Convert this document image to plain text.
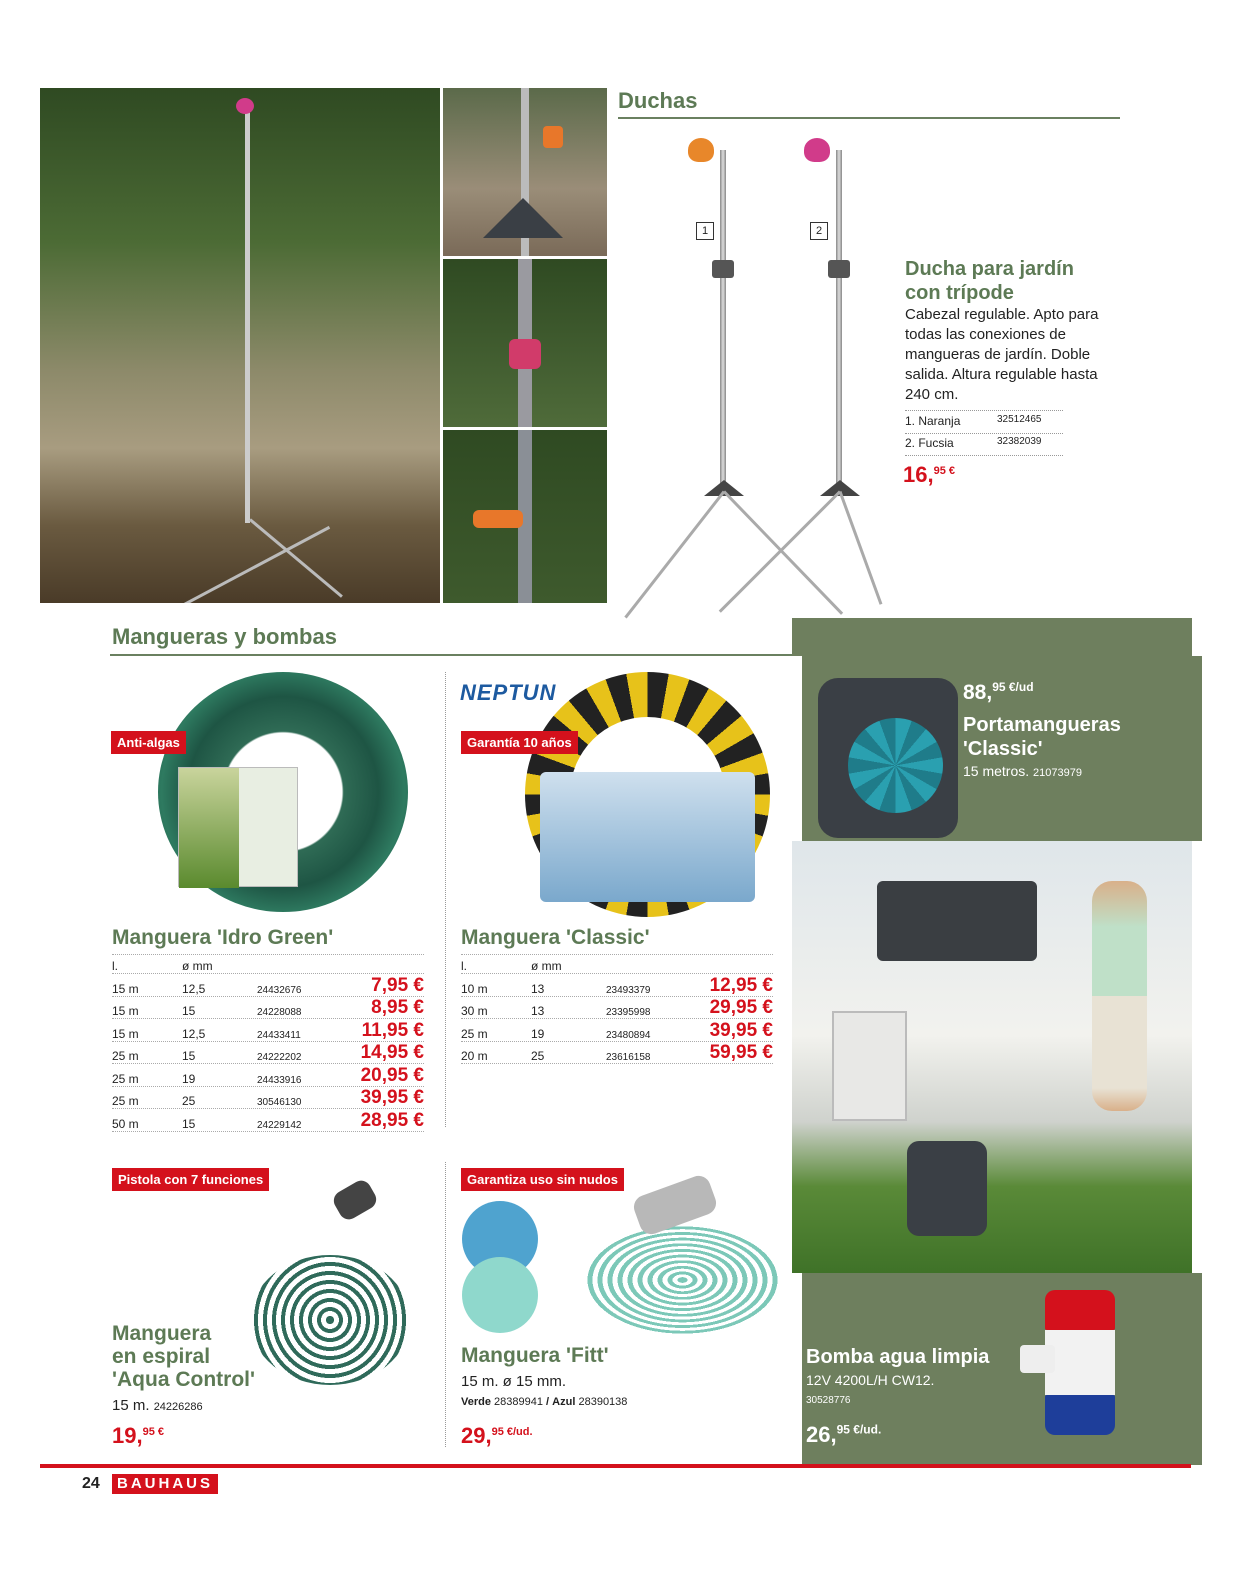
Duchas
1	2
Ducha para jardín con trípode
Cabezal regulable. Apto para todas las conexiones de mangueras de jardín. Doble salida. Altura regulable hasta 240 cm.
1. Naranja	32512465
2. Fucsia	32382039
16,$^{95 €}$
Mangueras y bombas
Anti-algas
Manguera 'Idro Green'
l.	ø mm
15 m	12,5	24432676	7,95 €
15 m	15	24228088	8,95 €
15 m	12,5	24433411	11,95 €
25 m	15	24222202	14,95 €
25 m	19	24433916	20,95 €
25 m	25	30546130	39,95 €
50 m	15	24229142	28,95 €
NEPTUN
Garantía 10 años
Manguera 'Classic'
l.	ø mm
10 m	13	23493379	12,95 €
30 m	13	23395998	29,95 €
25 m	19	23480894	39,95 €
20 m	25	23616158	59,95 €
Pistola con 7 funciones
Manguera
en espiral
'Aqua Control'
15 m. 24226286
19,$^{95 €}$
Garantiza uso sin nudos
Manguera 'Fitt'
15 m. ø 15 mm.
Verde 28389941 / Azul 28390138
29,$^{95 €/ud.}$
88,$^{95 €/ud}$
Portamangueras
'Classic'
15 metros. 21073979
Bomba agua limpia
12V 4200L/H CW12.
30528776
26,$^{95 €/ud.}$
24	BAUHAUS
